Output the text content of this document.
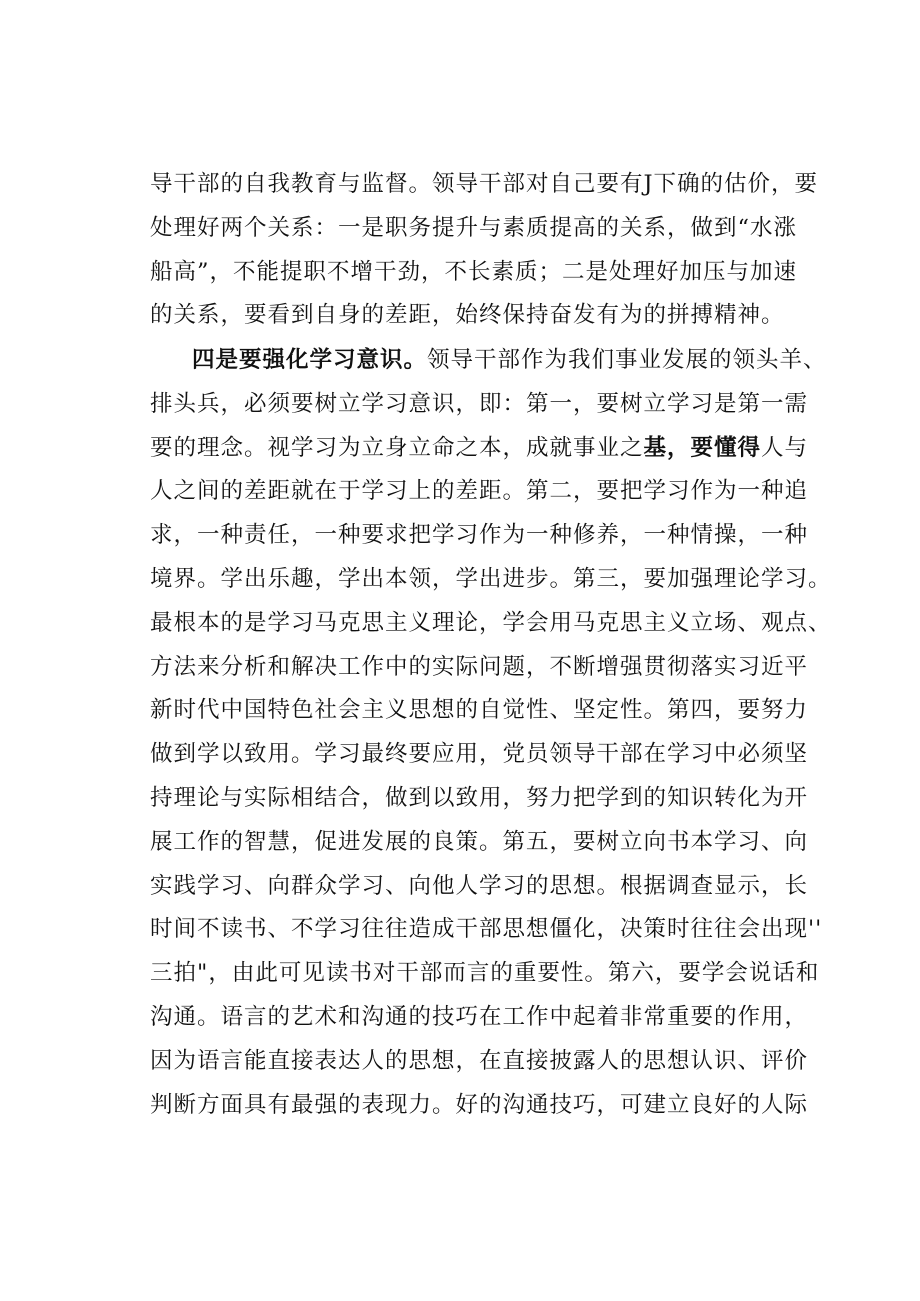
导干部的自我教育与监督。领导干部对自己要有J下确的估价，要
处理好两个关系：一是职务提升与素质提高的关系，做到“水涨
船高”，不能提职不增干劲，不长素质；二是处理好加压与加速
的关系，要看到自身的差距，始终保持奋发有为的拼搏精神。
四是要强化学习意识。领导干部作为我们事业发展的领头羊、
排头兵，必须要树立学习意识，即：第一，要树立学习是第一需
要的理念。视学习为立身立命之本，成就事业之基，要懂得人与
人之间的差距就在于学习上的差距。第二，要把学习作为一种追
求，一种责任，一种要求把学习作为一种修养，一种情操，一种
境界。学出乐趣，学出本领，学出进步。第三，要加强理论学习。
最根本的是学习马克思主义理论，学会用马克思主义立场、观点、
方法来分析和解决工作中的实际问题，不断增强贯彻落实习近平
新时代中国特色社会主义思想的自觉性、坚定性。第四，要努力
做到学以致用。学习最终要应用，党员领导干部在学习中必须坚
持理论与实际相结合，做到以致用，努力把学到的知识转化为开
展工作的智慧，促进发展的良策。第五，要树立向书本学习、向
实践学习、向群众学习、向他人学习的思想。根据调查显示，长
时间不读书、不学习往往造成干部思想僵化，决策时往往会出现''
三拍"，由此可见读书对干部而言的重要性。第六，要学会说话和
沟通。语言的艺术和沟通的技巧在工作中起着非常重要的作用，
因为语言能直接表达人的思想，在直接披露人的思想认识、评价
判断方面具有最强的表现力。好的沟通技巧，可建立良好的人际
